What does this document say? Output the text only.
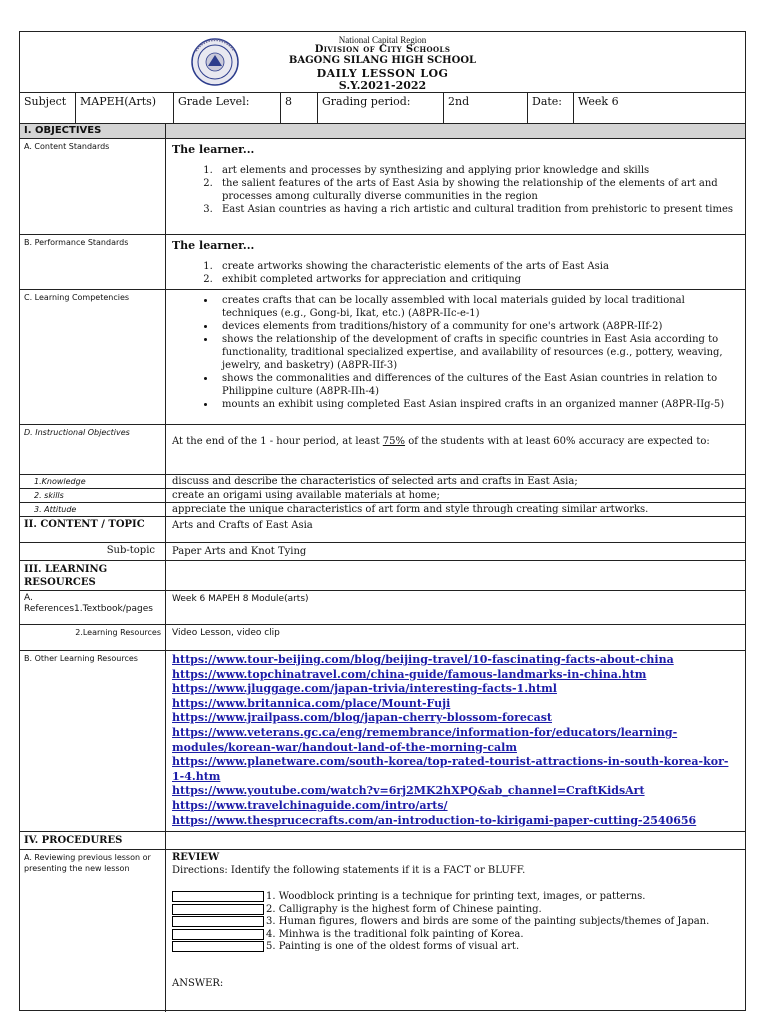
National Capital Region
Division of City Schools
BAGONG SILANG HIGH SCHOOL
DAILY LESSON LOG
S.Y.2021-2022
Subject	MAPEH(Arts)	Grade Level:	8	Grading period:	2nd	Date:	Week 6
I. OBJECTIVES
A. Content Standards	The learner...
1. art elements and processes by synthesizing and applying prior knowledge and skills
2. the salient features of the arts of East Asia by showing the relationship of the elements of art and processes among culturally diverse communities in the region
3. East Asian countries as having a rich artistic and cultural tradition from prehistoric to present times
B. Performance Standards	The learner...
1. create artworks showing the characteristic elements of the arts of East Asia
2. exhibit completed artworks for appreciation and critiquing
C. Learning Competencies
•	creates crafts that can be locally assembled with local materials guided by local traditional techniques (e.g., Gong-bi, Ikat, etc.) (A8PR-IIc-e-1)
• devices elements from traditions/history of a community for one's artwork (A8PR-IIf-2)
• shows the relationship of the development of crafts in specific countries in East Asia according to functionality, traditional specialized expertise, and availability of resources (e.g., pottery, weaving, jewelry, and basketry) (A8PR-IIf-3)
• shows the commonalities and differences of the cultures of the East Asian countries in relation to Philippine culture (A8PR-IIh-4)
• mounts an exhibit using completed East Asian inspired crafts in an organized manner (A8PR-IIg-5)
D. Instructional Objectives
At the end of the 1 - hour period, at least 75% of the students with at least 60% accuracy are expected to:
1.Knowledge	discuss and describe the characteristics of selected arts and crafts in East Asia;
2. skills	create an origami using available materials at home;
3. Attitude	appreciate the unique characteristics of art form and style through creating similar artworks.
II. CONTENT / TOPIC	Arts and Crafts of East Asia
Sub-topic	Paper Arts and Knot Tying
III. LEARNING RESOURCES
A. References1.Textbook/pages
Week 6 MAPEH 8 Module(arts)
2.Learning Resources	Video Lesson, video clip
B. Other Learning Resources	https://www.tour-beijing.com/blog/beijing-travel/10-fascinating-facts-about-china
https://www.topchinatravel.com/china-guide/famous-landmarks-in-china.htm
https://www.jluggage.com/japan-trivia/interesting-facts-1.html
https://www.britannica.com/place/Mount-Fuji
https://www.jrailpass.com/blog/japan-cherry-blossom-forecast
https://www.veterans.gc.ca/eng/remembrance/information-for/educators/learning-modules/korean-war/handout-land-of-the-morning-calm
https://www.planetware.com/south-korea/top-rated-tourist-attractions-in-south-korea-kor-1-4.htm
https://www.youtube.com/watch?v=6rj2MK2hXPQ&ab_channel=CraftKidsArt
https://www.travelchinaguide.com/intro/arts/
https://www.thespruсecrafts.com/an-introduction-to-kirigami-paper-cutting-2540656
IV. PROCEDURES
A. Reviewing previous lesson or presenting the new lesson
REVIEW
Directions: Identify the following statements if it is a FACT or BLUFF.
1. Woodblock printing is a technique for printing text, images, or patterns.
2. Calligraphy is the highest form of Chinese painting.
3. Human figures, flowers and birds are some of the painting subjects/themes of Japan.
4. Minhwa is the traditional folk painting of Korea.
5. Painting is one of the oldest forms of visual art.
ANSWER:
